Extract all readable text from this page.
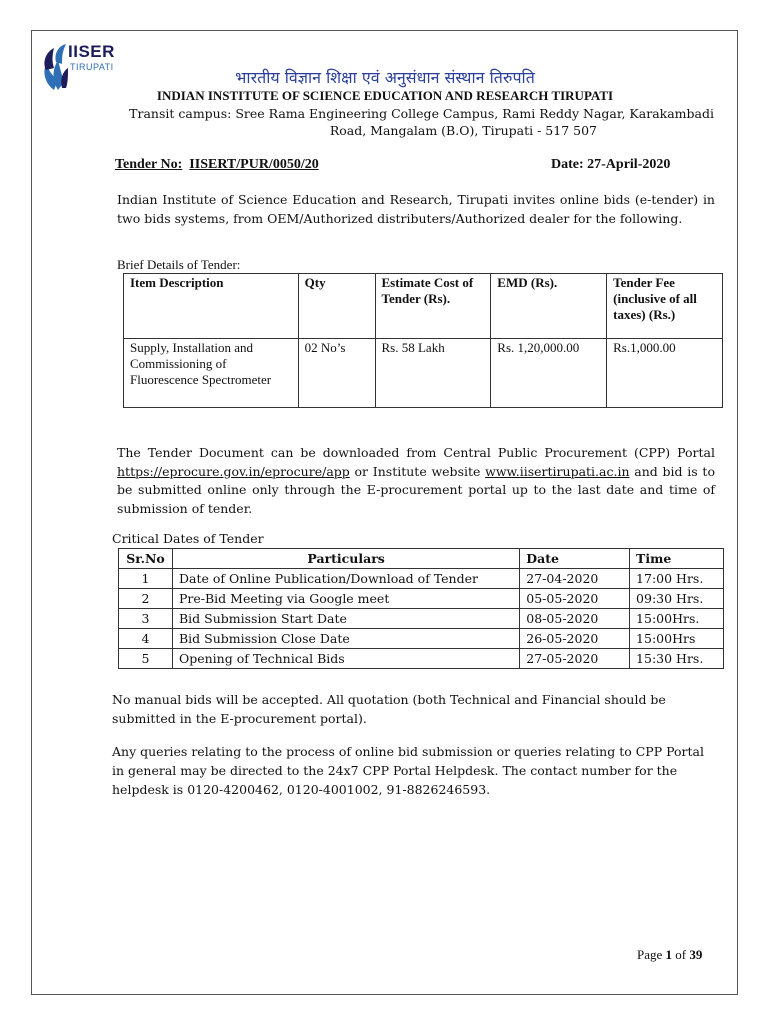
IISER
TIRUPATI
भारतीय विज्ञान शिक्षा एवं अनुसंधान संस्थान तिरुपति
INDIAN INSTITUTE OF SCIENCE EDUCATION AND RESEARCH TIRUPATI
Transit campus: Sree Rama Engineering College Campus, Rami Reddy Nagar, Karakambadi
Road, Mangalam (B.O), Tirupati - 517 507
Tender No: IISERT/PUR/0050/20	Date: 27-April-2020
Indian Institute of Science Education and Research, Tirupati invites online bids (e-tender) in two bids systems, from OEM/Authorized distributers/Authorized dealer for the following.
Brief Details of Tender:
Item Description	Qty	Estimate Cost of Tender (Rs).	EMD (Rs).	Tender Fee (inclusive of all taxes) (Rs.)
Supply, Installation and Commissioning of Fluorescence Spectrometer	02 No’s	Rs. 58 Lakh	Rs. 1,20,000.00	Rs.1,000.00
The Tender Document can be downloaded from Central Public Procurement (CPP) Portal https://eprocure.gov.in/eprocure/app or Institute website www.iisertirupati.ac.in and bid is to be submitted online only through the E-procurement portal up to the last date and time of submission of tender.
Critical Dates of Tender
Sr.No	Particulars	Date	Time
1	Date of Online Publication/Download of Tender	27-04-2020	17:00 Hrs.
2	Pre-Bid Meeting via Google meet	05-05-2020	09:30 Hrs.
3	Bid Submission Start Date	08-05-2020	15:00Hrs.
4	Bid Submission Close Date	26-05-2020	15:00Hrs
5	Opening of Technical Bids	27-05-2020	15:30 Hrs.
No manual bids will be accepted. All quotation (both Technical and Financial should be submitted in the E-procurement portal).
Any queries relating to the process of online bid submission or queries relating to CPP Portal in general may be directed to the 24x7 CPP Portal Helpdesk. The contact number for the helpdesk is 0120-4200462, 0120-4001002, 91-8826246593.
Page 1 of 39
